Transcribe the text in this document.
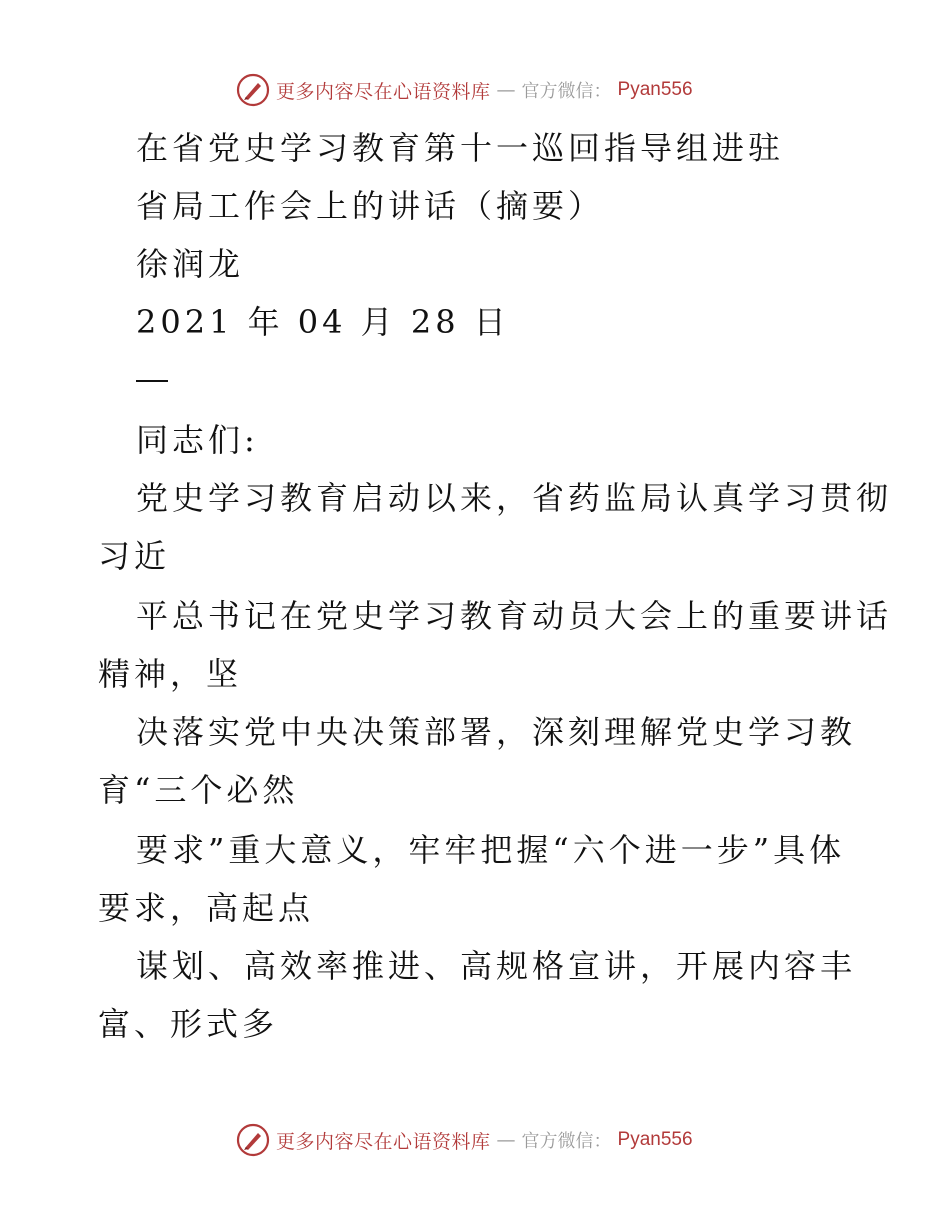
更多内容尽在心语资料库 — 官方微信： Pyan556
在省党史学习教育第十一巡回指导组进驻
省局工作会上的讲话（摘要）
徐润龙
2021 年 04 月 28 日
同志们:
党史学习教育启动以来，省药监局认真学习贯彻
习近
平总书记在党史学习教育动员大会上的重要讲话
精神，坚
决落实党中央决策部署，深刻理解党史学习教
育“三个必然
要求”重大意义，牢牢把握“六个进一步”具体
要求，高起点
谋划、高效率推进、高规格宣讲，开展内容丰
富、形式多
更多内容尽在心语资料库 — 官方微信： Pyan556
